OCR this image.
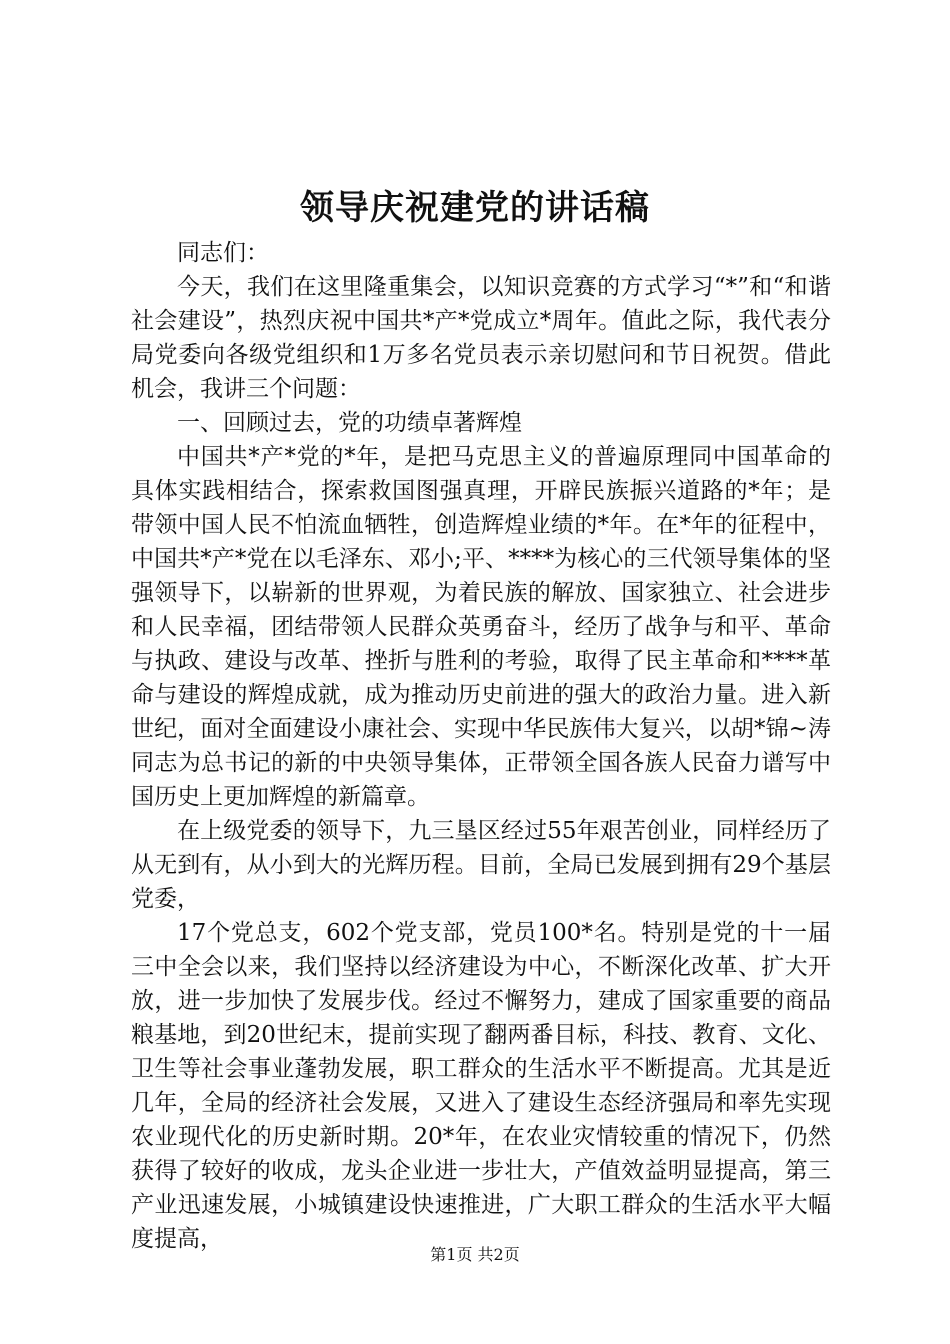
领导庆祝建党的讲话稿

同志们：

今天，我们在这里隆重集会，以知识竞赛的方式学习“*”和“和谐社会建设”，热烈庆祝中国共*产*党成立*周年。值此之际，我代表分局党委向各级党组织和1万多名党员表示亲切慰问和节日祝贺。借此机会，我讲三个问题：

一、回顾过去，党的功绩卓著辉煌

中国共*产*党的*年，是把马克思主义的普遍原理同中国革命的具体实践相结合，探索救国图强真理，开辟民族振兴道路的*年；是带领中国人民不怕流血牺牲，创造辉煌业绩的*年。在*年的征程中，中国共*产*党在以毛泽东、邓小;平、****为核心的三代领导集体的坚强领导下，以崭新的世界观，为着民族的解放、国家独立、社会进步和人民幸福，团结带领人民群众英勇奋斗，经历了战争与和平、革命与执政、建设与改革、挫折与胜利的考验，取得了民主革命和****革命与建设的辉煌成就，成为推动历史前进的强大的政治力量。进入新世纪，面对全面建设小康社会、实现中华民族伟大复兴，以胡*锦~涛同志为总书记的新的中央领导集体，正带领全国各族人民奋力谱写中国历史上更加辉煌的新篇章。

在上级党委的领导下，九三垦区经过55年艰苦创业，同样经历了从无到有，从小到大的光辉历程。目前，全局已发展到拥有29个基层党委，

17个党总支，602个党支部，党员100*名。特别是党的十一届三中全会以来，我们坚持以经济建设为中心，不断深化改革、扩大开放，进一步加快了发展步伐。经过不懈努力，建成了国家重要的商品粮基地，到20世纪末，提前实现了翻两番目标，科技、教育、文化、卫生等社会事业蓬勃发展，职工群众的生活水平不断提高。尤其是近几年，全局的经济社会发展，又进入了建设生态经济强局和率先实现农业现代化的历史新时期。20*年，在农业灾情较重的情况下，仍然获得了较好的收成，龙头企业进一步壮大，产值效益明显提高，第三产业迅速发展，小城镇建设快速推进，广大职工群众的生活水平大幅度提高，

第1页 共2页
